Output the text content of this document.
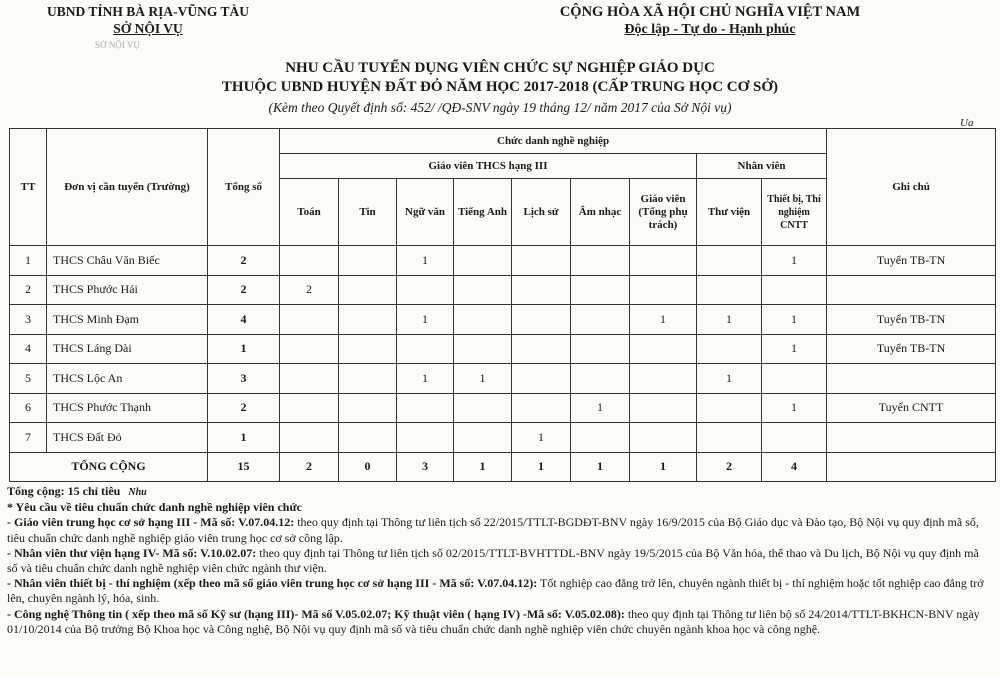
UBND TỈNH BÀ RỊA-VŨNG TÀU
SỞ NỘI VỤ
SỞ NỘI VỤ
CỘNG HÒA XÃ HỘI CHỦ NGHĨA VIỆT NAM
Độc lập - Tự do - Hạnh phúc
NHU CẦU TUYỂN DỤNG VIÊN CHỨC SỰ NGHIỆP GIÁO DỤC
THUỘC UBND HUYỆN ĐẤT ĐỎ NĂM HỌC 2017-2018 (CẤP TRUNG HỌC CƠ SỞ)
(Kèm theo Quyết định số: 452/ /QĐ-SNV ngày 19 tháng 12/ năm 2017 của Sở Nội vụ)
Ua
TT	Đơn vị cần tuyển (Trường)	Tổng số	Chức danh nghề nghiệp									Ghi chú
			Giáo viên THCS hạng III							Nhân viên		
			Toán	Tin	Ngữ văn	Tiếng Anh	Lịch sử	Âm nhạc	Giáo viên (Tổng phụ trách)	Thư viện	Thiết bị, Thí nghiệm CNTT	
1	THCS Châu Văn Biếc	2			1						1	Tuyển TB-TN
2	THCS Phước Hải	2	2									
3	THCS Minh Đạm	4			1				1	1	1	Tuyển TB-TN
4	THCS Láng Dài	1									1	Tuyển TB-TN
5	THCS Lộc An	3			1	1				1		
6	THCS Phước Thạnh	2						1			1	Tuyển CNTT
7	THCS Đất Đỏ	1					1					
TỔNG CỘNG		15	2	0	3	1	1	1	1	2	4	

Tổng cộng: 15 chỉ tiêu Nhu

* Yêu cầu về tiêu chuẩn chức danh nghề nghiệp viên chức

- Giáo viên trung học cơ sở hạng III - Mã số: V.07.04.12: theo quy định tại Thông tư liên tịch số 22/2015/TTLT-BGDĐT-BNV ngày 16/9/2015 của Bộ Giáo dục và Đào tạo, Bộ Nội vụ quy định mã số, tiêu chuẩn chức danh nghề nghiệp giáo viên trung học cơ sở công lập.

- Nhân viên thư viện hạng IV- Mã số: V.10.02.07: theo quy định tại Thông tư liên tịch số 02/2015/TTLT-BVHTTDL-BNV ngày 19/5/2015 của Bộ Văn hóa, thể thao và Du lịch, Bộ Nội vụ quy định mã số và tiêu chuẩn chức danh nghề nghiệp viên chức ngành thư viện.

- Nhân viên thiết bị - thí nghiệm (xếp theo mã số giáo viên trung học cơ sở hạng III - Mã số: V.07.04.12): Tốt nghiệp cao đẳng trở lên, chuyên ngành thiết bị - thí nghiệm hoặc tốt nghiệp cao đẳng trở lên, chuyên ngành lý, hóa, sinh.

- Công nghệ Thông tin ( xếp theo mã số Kỹ sư (hạng III)- Mã số V.05.02.07; Kỹ thuật viên ( hạng IV) -Mã số: V.05.02.08): theo quy định tại Thông tư liên bộ số 24/2014/TTLT-BKHCN-BNV ngày 01/10/2014 của Bộ trưởng Bộ Khoa học và Công nghệ, Bộ Nội vụ quy định mã số và tiêu chuẩn chức danh nghề nghiệp viên chức chuyên ngành khoa học và công nghệ.
